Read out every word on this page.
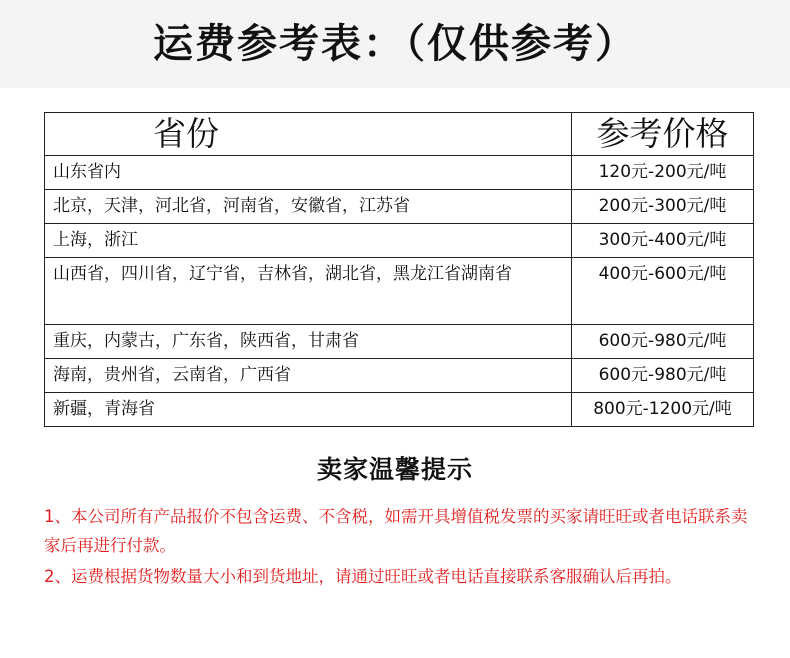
运费参考表：（仅供参考）
省份	参考价格
山东省内	120元-200元/吨
北京，天津，河北省，河南省，安徽省，江苏省	200元-300元/吨
上海，浙江	300元-400元/吨
山西省，四川省，辽宁省，吉林省，湖北省，黑龙江省湖南省	400元-600元/吨
重庆，内蒙古，广东省，陕西省，甘肃省	600元-980元/吨
海南，贵州省，云南省，广西省	600元-980元/吨
新疆，青海省	800元-1200元/吨
卖家温馨提示

1、本公司所有产品报价不包含运费、不含税，如需开具增值税发票的买家请旺旺或者电话联系卖家后再进行付款。

2、运费根据货物数量大小和到货地址，请通过旺旺或者电话直接联系客服确认后再拍。
